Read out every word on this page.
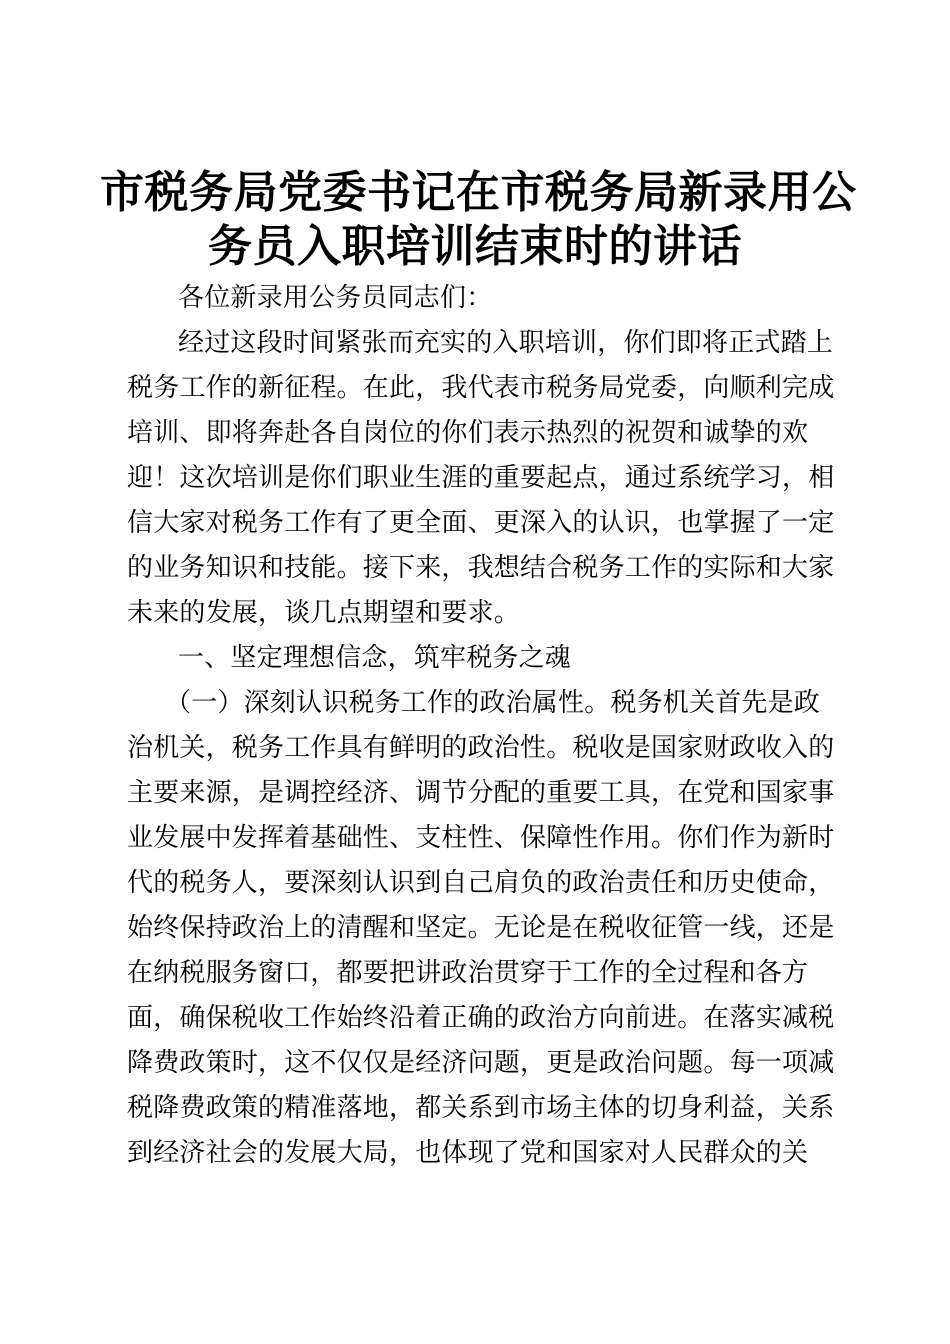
市税务局党委书记在市税务局新录用公
务员入职培训结束时的讲话
各位新录用公务员同志们：
经过这段时间紧张而充实的入职培训，你们即将正式踏上
税务工作的新征程。在此，我代表市税务局党委，向顺利完成
培训、即将奔赴各自岗位的你们表示热烈的祝贺和诚挚的欢
迎！这次培训是你们职业生涯的重要起点，通过系统学习，相
信大家对税务工作有了更全面、更深入的认识，也掌握了一定
的业务知识和技能。接下来，我想结合税务工作的实际和大家
未来的发展，谈几点期望和要求。
一、坚定理想信念，筑牢税务之魂
（一）深刻认识税务工作的政治属性。税务机关首先是政
治机关，税务工作具有鲜明的政治性。税收是国家财政收入的
主要来源，是调控经济、调节分配的重要工具，在党和国家事
业发展中发挥着基础性、支柱性、保障性作用。你们作为新时
代的税务人，要深刻认识到自己肩负的政治责任和历史使命，
始终保持政治上的清醒和坚定。无论是在税收征管一线，还是
在纳税服务窗口，都要把讲政治贯穿于工作的全过程和各方
面，确保税收工作始终沿着正确的政治方向前进。在落实减税
降费政策时，这不仅仅是经济问题，更是政治问题。每一项减
税降费政策的精准落地，都关系到市场主体的切身利益，关系
到经济社会的发展大局，也体现了党和国家对人民群众的关
